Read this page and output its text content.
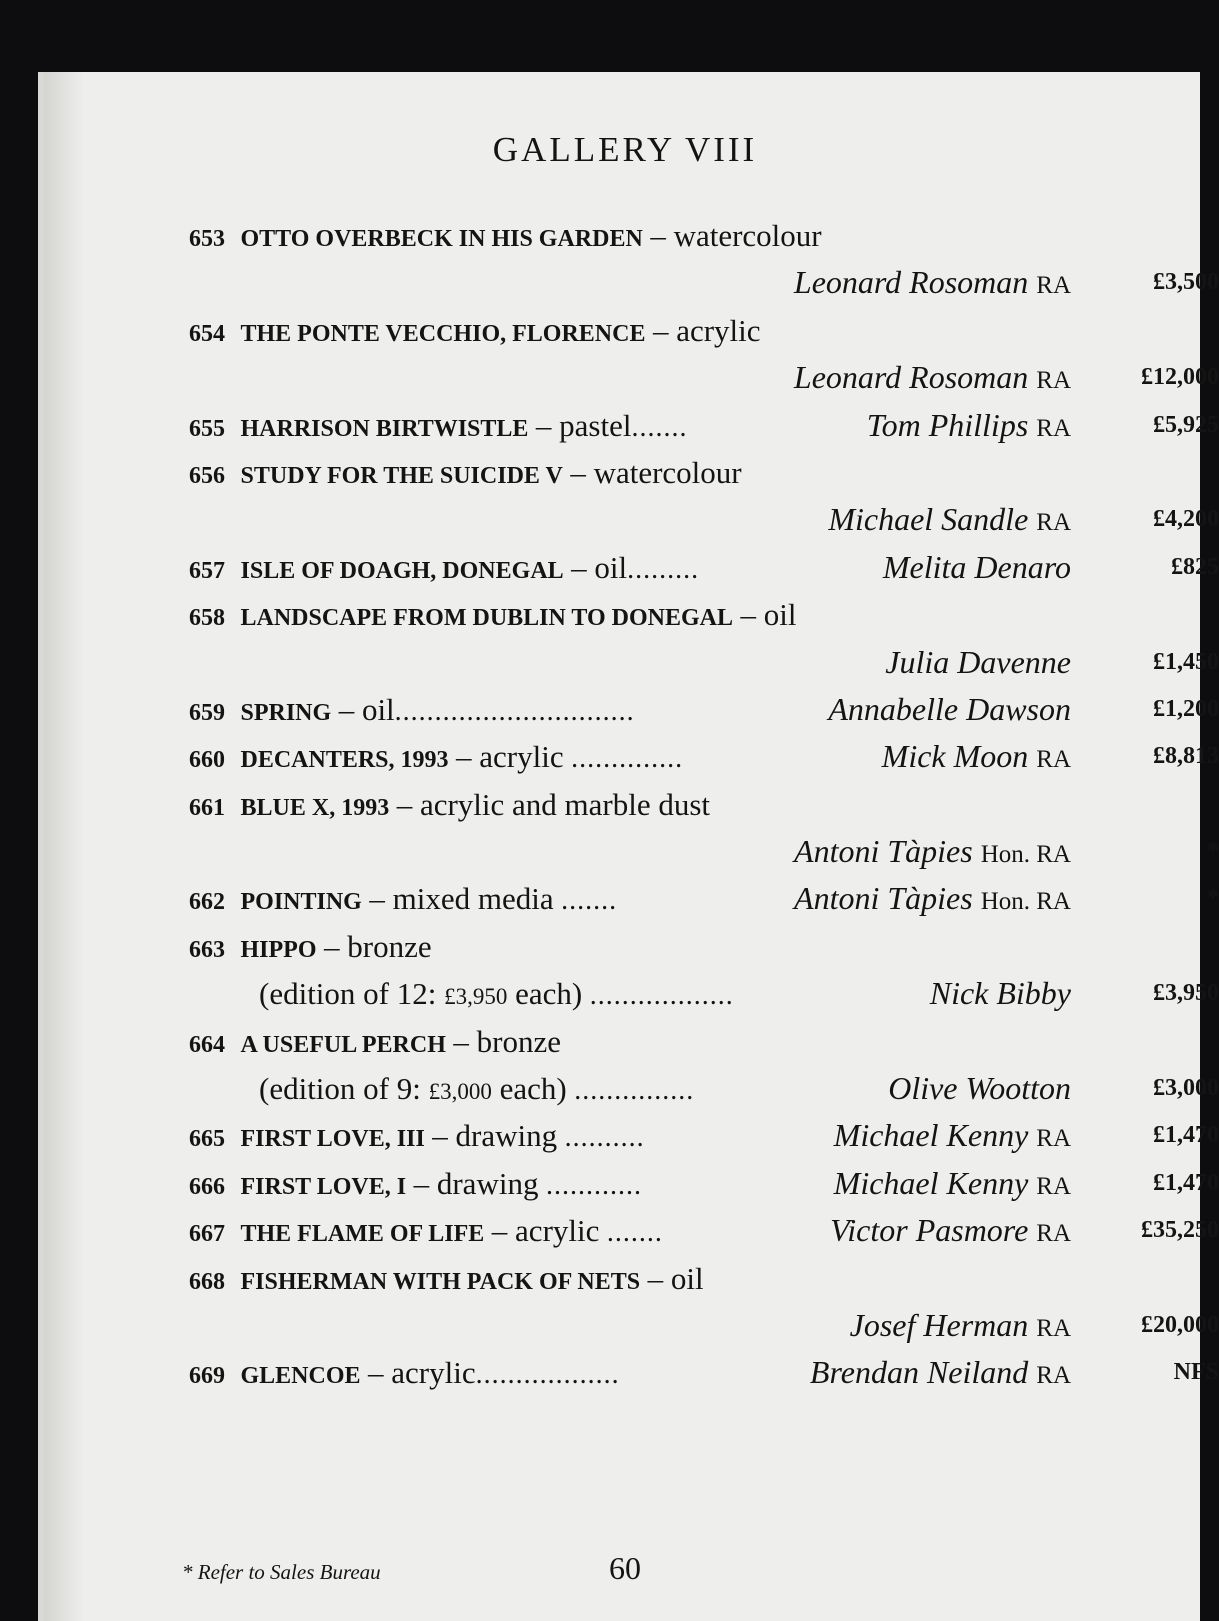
GALLERY VIII
653 OTTO OVERBECK IN HIS GARDEN – watercolour
Leonard Rosoman RA	£3,500
654 THE PONTE VECCHIO, FLORENCE – acrylic
Leonard Rosoman RA	£12,000
655 HARRISON BIRTWISTLE – pastel.......	Tom Phillips RA	£5,925
656 STUDY FOR THE SUICIDE V – watercolour
Michael Sandle RA	£4,200
657 ISLE OF DOAGH, DONEGAL – oil.........	Melita Denaro	£825
658 LANDSCAPE FROM DUBLIN TO DONEGAL – oil
Julia Davenne	£1,450
659 SPRING – oil..............................	Annabelle Dawson	£1,200
660 DECANTERS, 1993 – acrylic ..............	Mick Moon RA	£8,813
661 BLUE X, 1993 – acrylic and marble dust
Antoni Tàpies Hon. RA	*
662 POINTING – mixed media .......	Antoni Tàpies Hon. RA	*
663 HIPPO – bronze
(edition of 12: £3,950 each) ..................	Nick Bibby	£3,950
664 A USEFUL PERCH – bronze
(edition of 9: £3,000 each) ...............	Olive Wootton	£3,000
665 FIRST LOVE, III – drawing ..........	Michael Kenny RA	£1,470
666 FIRST LOVE, I – drawing ............	Michael Kenny RA	£1,470
667 THE FLAME OF LIFE – acrylic .......	Victor Pasmore RA	£35,250
668 FISHERMAN WITH PACK OF NETS – oil
Josef Herman RA	£20,000
669 GLENCOE – acrylic..................	Brendan Neiland RA	NFS
* Refer to Sales Bureau	60
